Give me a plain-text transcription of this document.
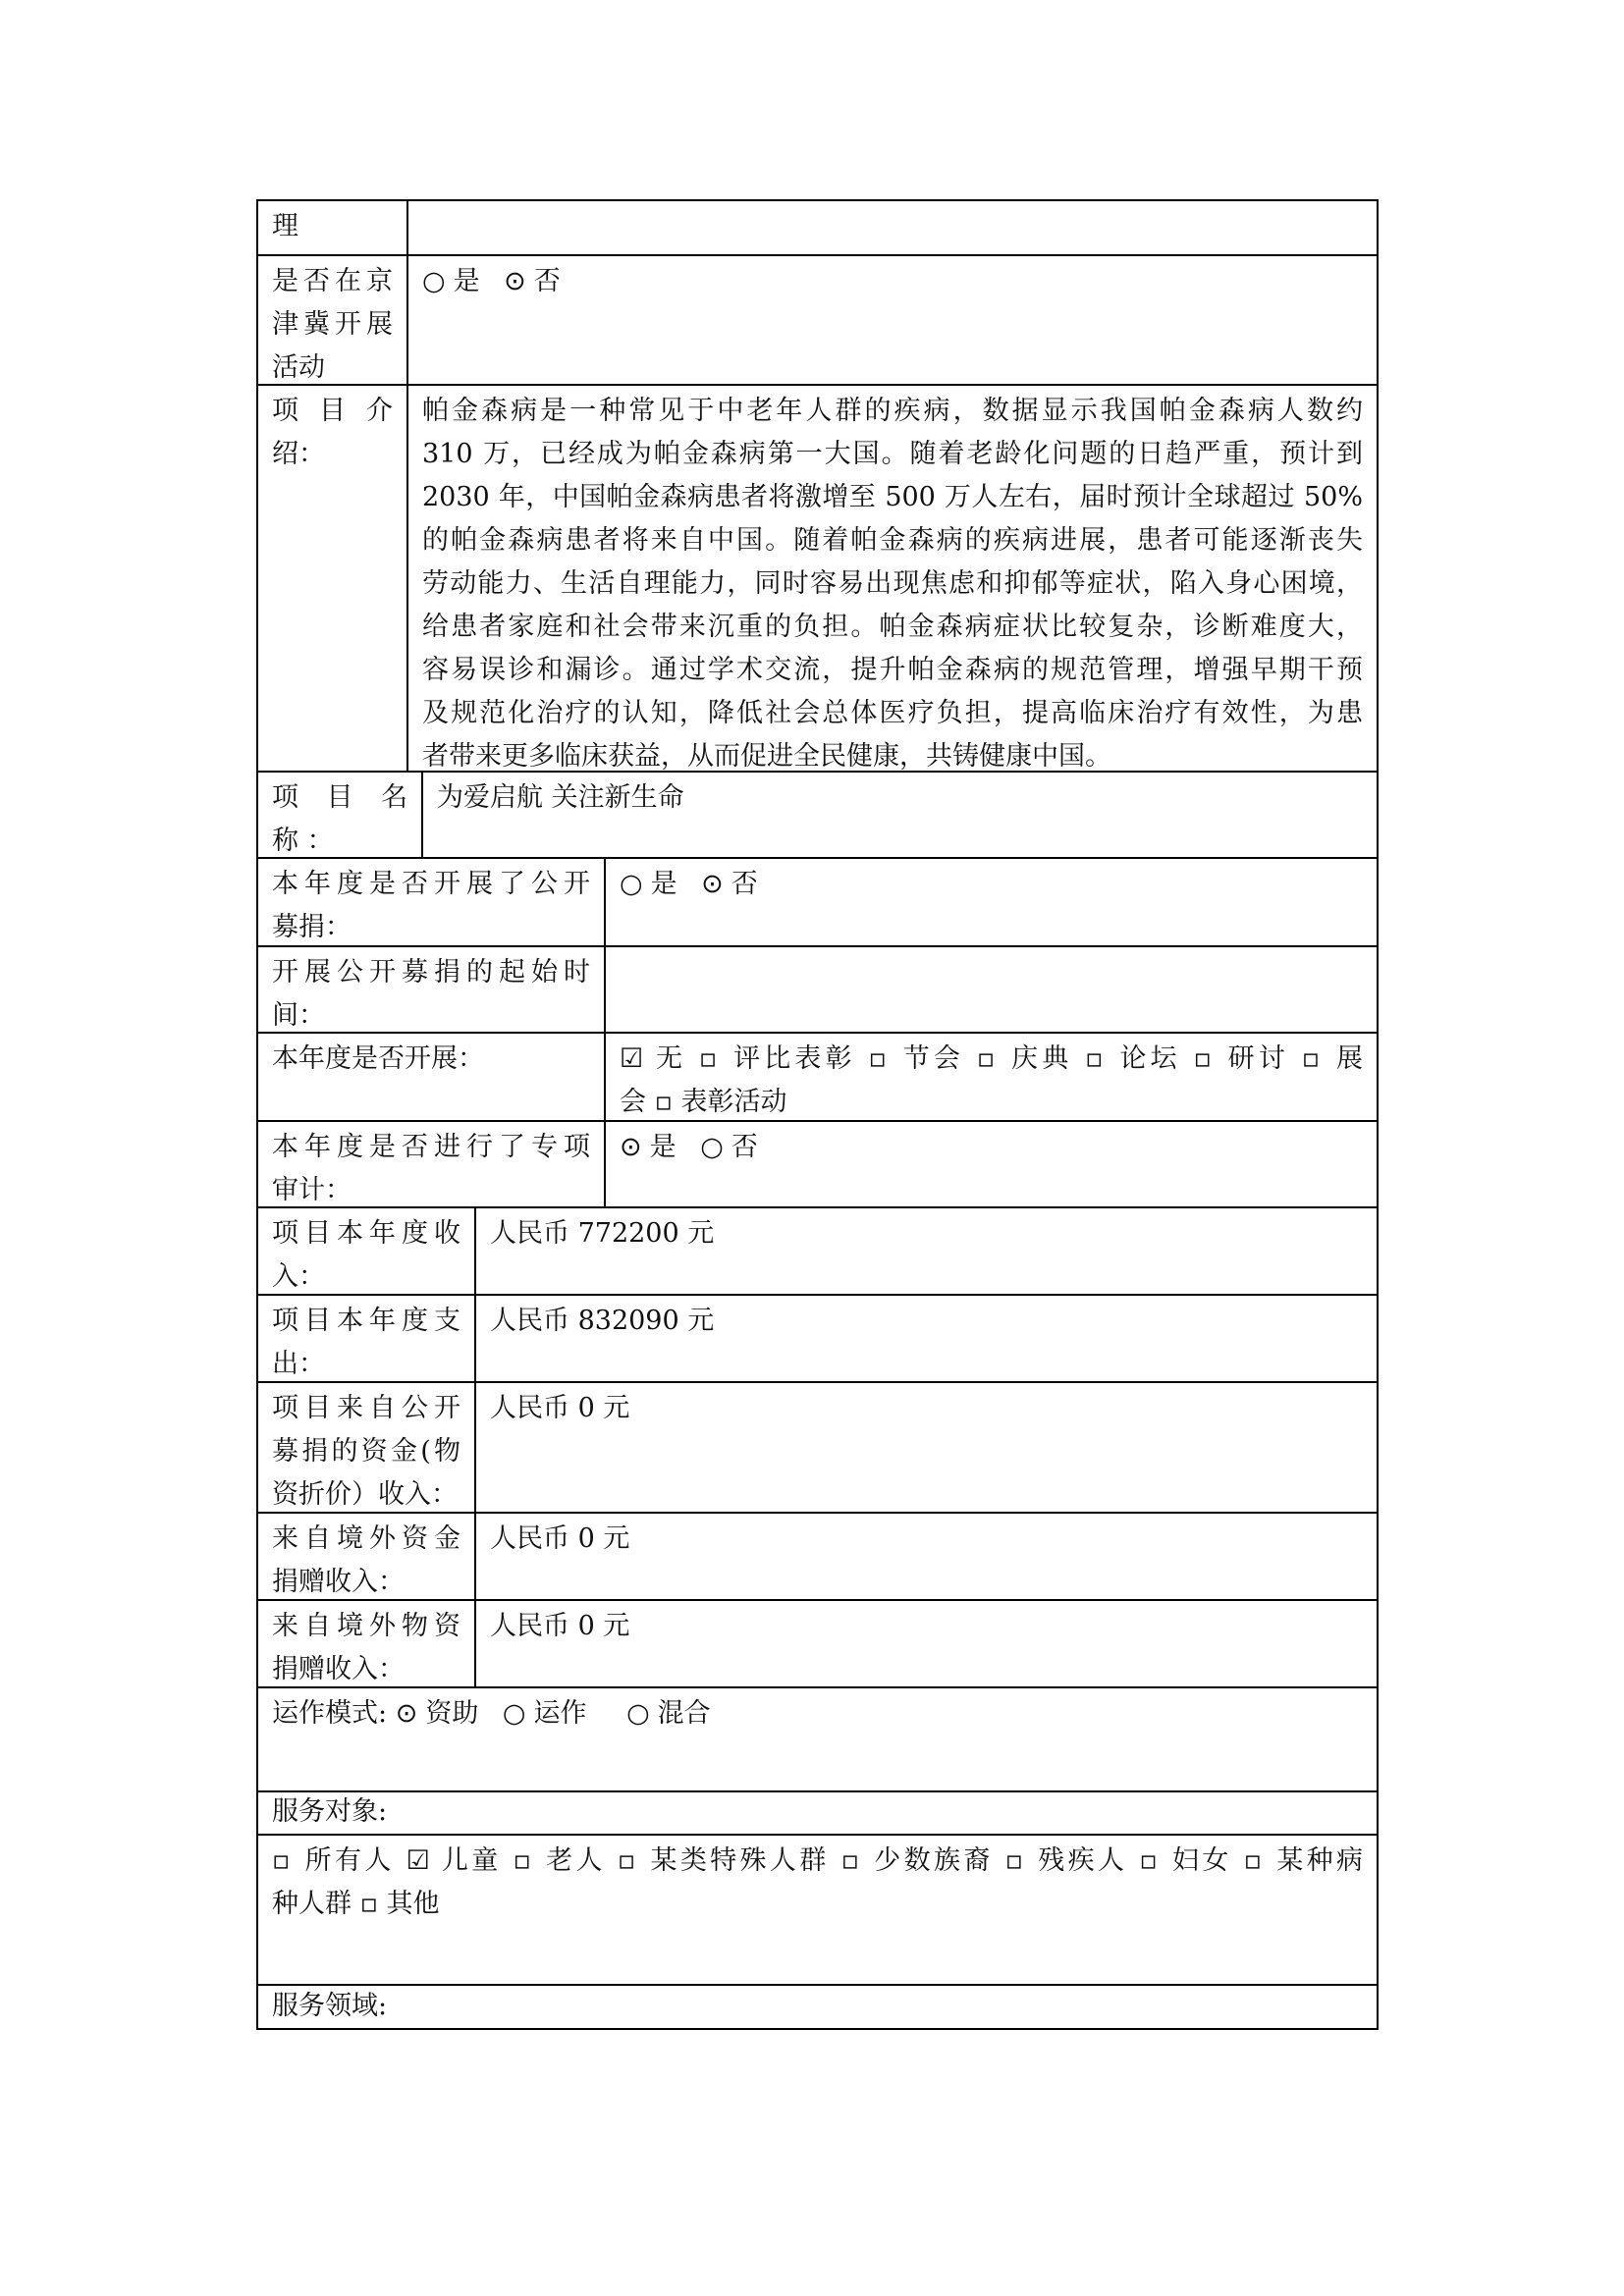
理
是否在京
津冀开展
活动
○ 是 ⊙ 否
项 目 介
绍：
帕金森病是一种常见于中老年人群的疾病，数据显示我国帕金森病人数约
310 万，已经成为帕金森病第一大国。随着老龄化问题的日趋严重，预计到
2030 年，中国帕金森病患者将激增至 500 万人左右，届时预计全球超过 50%
的帕金森病患者将来自中国。随着帕金森病的疾病进展，患者可能逐渐丧失
劳动能力、生活自理能力，同时容易出现焦虑和抑郁等症状，陷入身心困境，
给患者家庭和社会带来沉重的负担。帕金森病症状比较复杂，诊断难度大，
容易误诊和漏诊。通过学术交流，提升帕金森病的规范管理，增强早期干预
及规范化治疗的认知，降低社会总体医疗负担，提高临床治疗有效性，为患
者带来更多临床获益，从而促进全民健康，共铸健康中国。
项 目 名
称 ：
为爱启航 关注新生命
本年度是否开展了公开
募捐：
○ 是 ⊙ 否
开展公开募捐的起始时
间：
本年度是否开展：	☑ 无 ▫ 评比表彰 ▫ 节会 ▫ 庆典 ▫ 论坛 ▫ 研讨 ▫ 展
会 ▫ 表彰活动
本年度是否进行了专项
审计：
⊙ 是 ○ 否
项目本年度收
入：
人民币 772200 元
项目本年度支
出：
人民币 832090 元
项目来自公开
募捐的资金(物
资折价）收入：
人民币 0 元
来自境外资金
捐赠收入：
人民币 0 元
来自境外物资
捐赠收入：
人民币 0 元
运作模式: ⊙ 资助 ○ 运作 ○ 混合
服务对象:
▫ 所有人 ☑ 儿童 ▫ 老人 ▫ 某类特殊人群 ▫ 少数族裔 ▫ 残疾人 ▫ 妇女 ▫ 某种病
种人群 ▫ 其他
服务领域:
